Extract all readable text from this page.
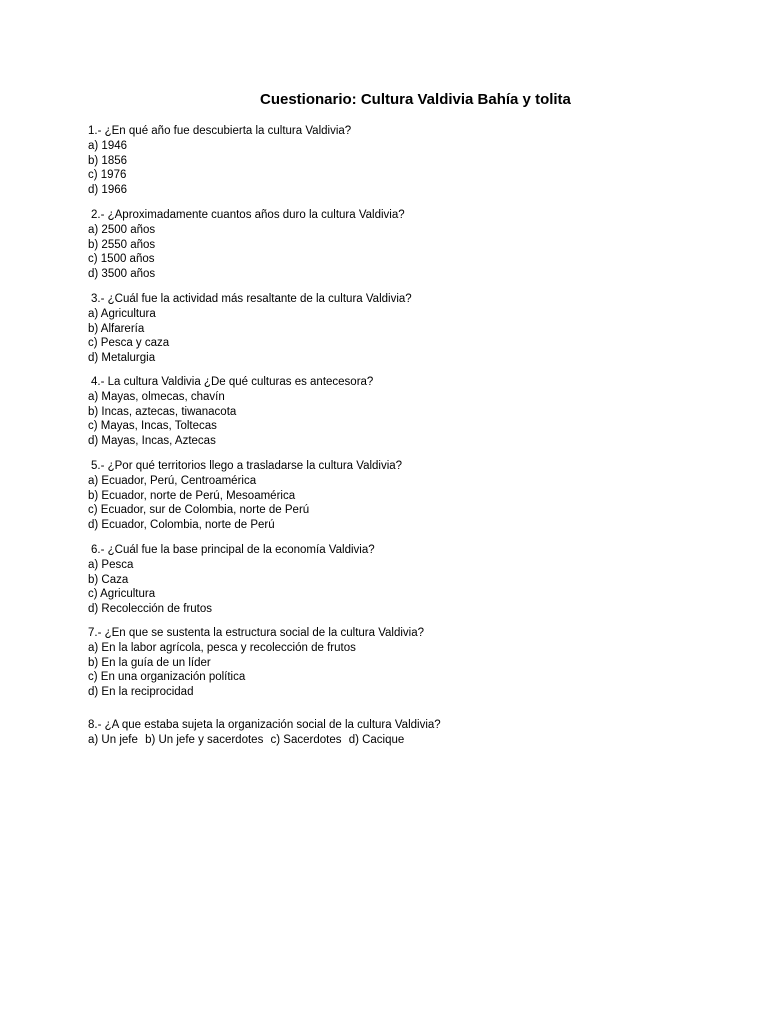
Cuestionario: Cultura Valdivia Bahía y tolita
1.- ¿En qué año fue descubierta la cultura Valdivia?
a) 1946
b) 1856
c) 1976
d) 1966
2.- ¿Aproximadamente cuantos años duro la cultura Valdivia?
a) 2500 años
b) 2550 años
c) 1500 años
d) 3500 años
3.- ¿Cuál fue la actividad más resaltante de la cultura Valdivia?
a) Agricultura
b) Alfarería
c) Pesca y caza
d) Metalurgia
4.- La cultura Valdivia ¿De qué culturas es antecesora?
a) Mayas, olmecas, chavín
b) Incas, aztecas, tiwanacota
c) Mayas, Incas, Toltecas
d) Mayas, Incas, Aztecas
5.- ¿Por qué territorios llego a trasladarse la cultura Valdivia?
a) Ecuador, Perú, Centroamérica
b) Ecuador, norte de Perú, Mesoamérica
c) Ecuador, sur de Colombia, norte de Perú
d) Ecuador, Colombia, norte de Perú
6.- ¿Cuál fue la base principal de la economía Valdivia?
a) Pesca
b) Caza
c) Agricultura
d) Recolección de frutos
7.- ¿En que se sustenta la estructura social de la cultura Valdivia?
a) En la labor agrícola, pesca y recolección de frutos
b) En la guía de un líder
c) En una organización política
d) En la reciprocidad
8.- ¿A que estaba sujeta la organización social de la cultura Valdivia?
a) Un jefe b) Un jefe y sacerdotes c) Sacerdotes d) Cacique
